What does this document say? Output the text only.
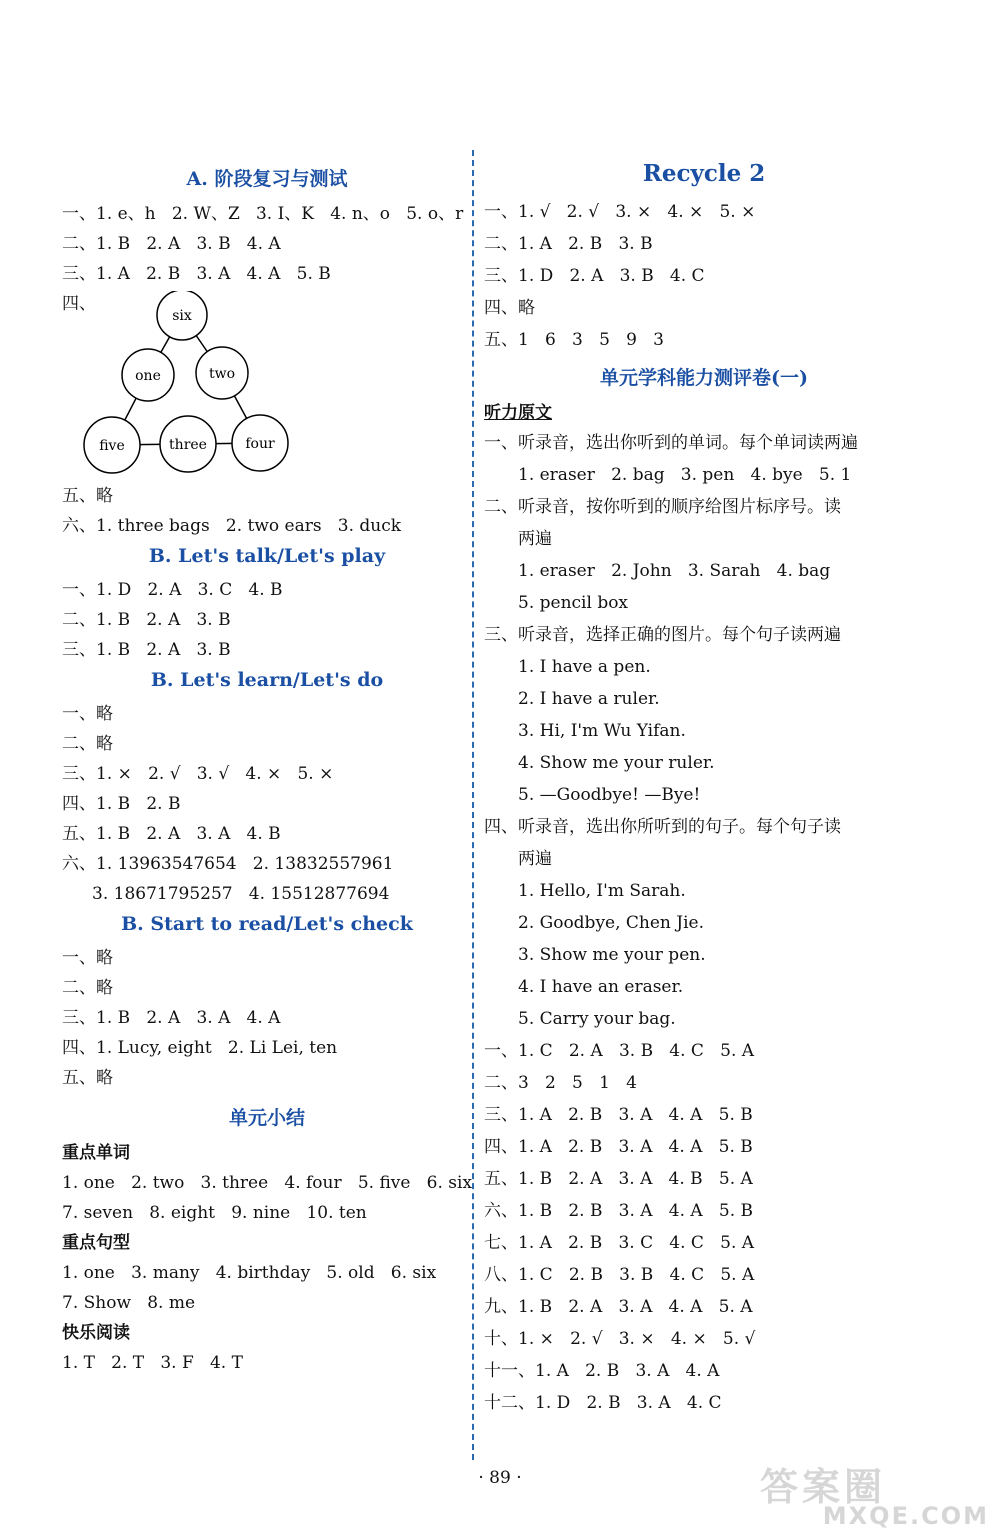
A. 阶段复习与测试
一、1. e、h   2. W、Z   3. I、K   4. n、o   5. o、r
二、1. B   2. A   3. B   4. A
三、1. A   2. B   3. A   4. A   5. B
四、
six
one	two
five	three	four
五、略
六、1. three bags   2. two ears   3. duck
B. Let's talk/Let's play
一、1. D   2. A   3. C   4. B
二、1. B   2. A   3. B
三、1. B   2. A   3. B
B. Let's learn/Let's do
一、略
二、略
三、1. ×   2. √   3. √   4. ×   5. ×
四、1. B   2. B
五、1. B   2. A   3. A   4. B
六、1. 13963547654   2. 13832557961
3. 18671795257   4. 15512877694
B. Start to read/Let's check
一、略
二、略
三、1. B   2. A   3. A   4. A
四、1. Lucy, eight   2. Li Lei, ten
五、略
单元小结
重点单词
1. one   2. two   3. three   4. four   5. five   6. six
7. seven   8. eight   9. nine   10. ten
重点句型
1. one   3. many   4. birthday   5. old   6. six
7. Show   8. me
快乐阅读
1. T   2. T   3. F   4. T
Recycle 2
一、1. √   2. √   3. ×   4. ×   5. ×
二、1. A   2. B   3. B
三、1. D   2. A   3. B   4. C
四、略
五、1   6   3   5   9   3
单元学科能力测评卷(一)
听力原文
一、听录音，选出你听到的单词。每个单词读两遍
1. eraser   2. bag   3. pen   4. bye   5. 1
二、听录音，按你听到的顺序给图片标序号。读
两遍
1. eraser   2. John   3. Sarah   4. bag
5. pencil box
三、听录音，选择正确的图片。每个句子读两遍
1. I have a pen.
2. I have a ruler.
3. Hi, I'm Wu Yifan.
4. Show me your ruler.
5. —Goodbye! —Bye!
四、听录音，选出你所听到的句子。每个句子读
两遍
1. Hello, I'm Sarah.
2. Goodbye, Chen Jie.
3. Show me your pen.
4. I have an eraser.
5. Carry your bag.
一、1. C   2. A   3. B   4. C   5. A
二、3   2   5   1   4
三、1. A   2. B   3. A   4. A   5. B
四、1. A   2. B   3. A   4. A   5. B
五、1. B   2. A   3. A   4. B   5. A
六、1. B   2. B   3. A   4. A   5. B
七、1. A   2. B   3. C   4. C   5. A
八、1. C   2. B   3. B   4. C   5. A
九、1. B   2. A   3. A   4. A   5. A
十、1. ×   2. √   3. ×   4. ×   5. √
十一、1. A   2. B   3. A   4. A
十二、1. D   2. B   3. A   4. C
· 89 ·	答案圈
MXQE.COM
